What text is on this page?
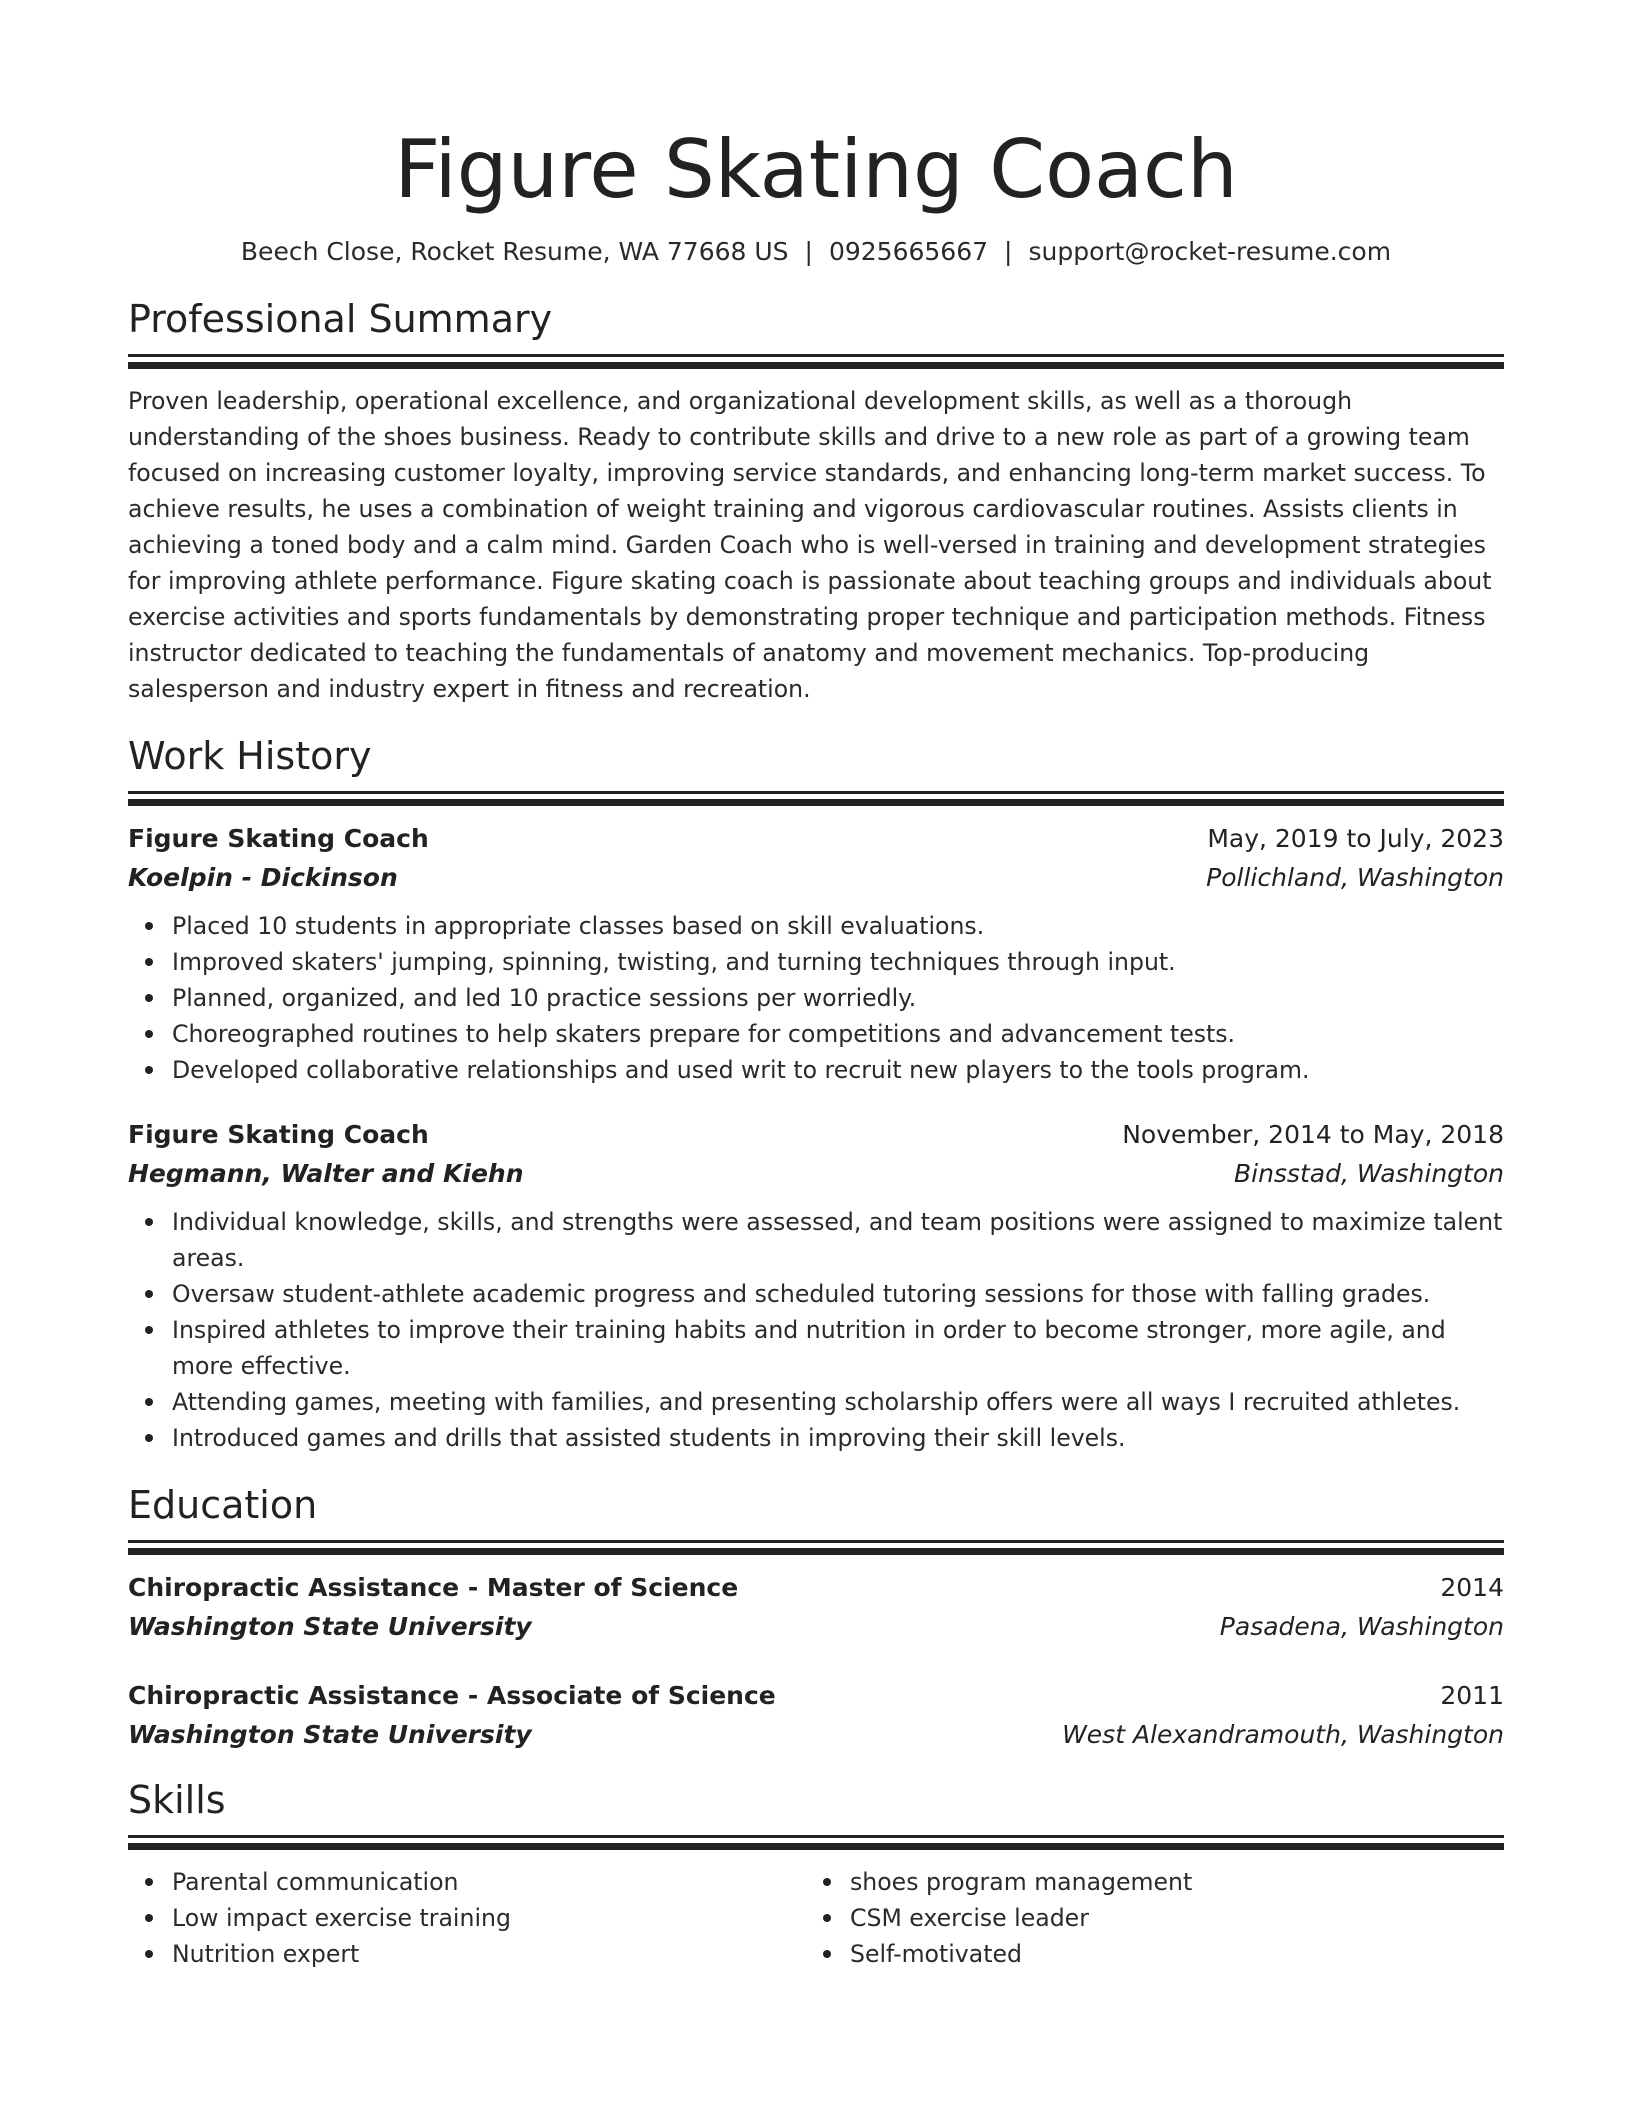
Figure Skating Coach
Beech Close, Rocket Resume, WA 77668 US | 0925665667 | support@rocket-resume.com
Professional Summary
Proven leadership, operational excellence, and organizational development skills, as well as a thorough understanding of the shoes business. Ready to contribute skills and drive to a new role as part of a growing team focused on increasing customer loyalty, improving service standards, and enhancing long-term market success. To achieve results, he uses a combination of weight training and vigorous cardiovascular routines. Assists clients in achieving a toned body and a calm mind. Garden Coach who is well-versed in training and development strategies for improving athlete performance. Figure skating coach is passionate about teaching groups and individuals about exercise activities and sports fundamentals by demonstrating proper technique and participation methods. Fitness instructor dedicated to teaching the fundamentals of anatomy and movement mechanics. Top-producing salesperson and industry expert in fitness and recreation.
Work History
Figure Skating Coach	May, 2019 to July, 2023
Koelpin - Dickinson	Pollichland, Washington
Placed 10 students in appropriate classes based on skill evaluations.
Improved skaters' jumping, spinning, twisting, and turning techniques through input.
Planned, organized, and led 10 practice sessions per worriedly.
Choreographed routines to help skaters prepare for competitions and advancement tests.
Developed collaborative relationships and used writ to recruit new players to the tools program.
Figure Skating Coach	November, 2014 to May, 2018
Hegmann, Walter and Kiehn	Binsstad, Washington
Individual knowledge, skills, and strengths were assessed, and team positions were assigned to maximize talent areas.
Oversaw student-athlete academic progress and scheduled tutoring sessions for those with falling grades.
Inspired athletes to improve their training habits and nutrition in order to become stronger, more agile, and more effective.
Attending games, meeting with families, and presenting scholarship offers were all ways I recruited athletes.
Introduced games and drills that assisted students in improving their skill levels.
Education
Chiropractic Assistance - Master of Science	2014
Washington State University	Pasadena, Washington
Chiropractic Assistance - Associate of Science	2011
Washington State University	West Alexandramouth, Washington
Skills
Parental communication
Low impact exercise training
Nutrition expert
shoes program management
CSM exercise leader
Self-motivated
